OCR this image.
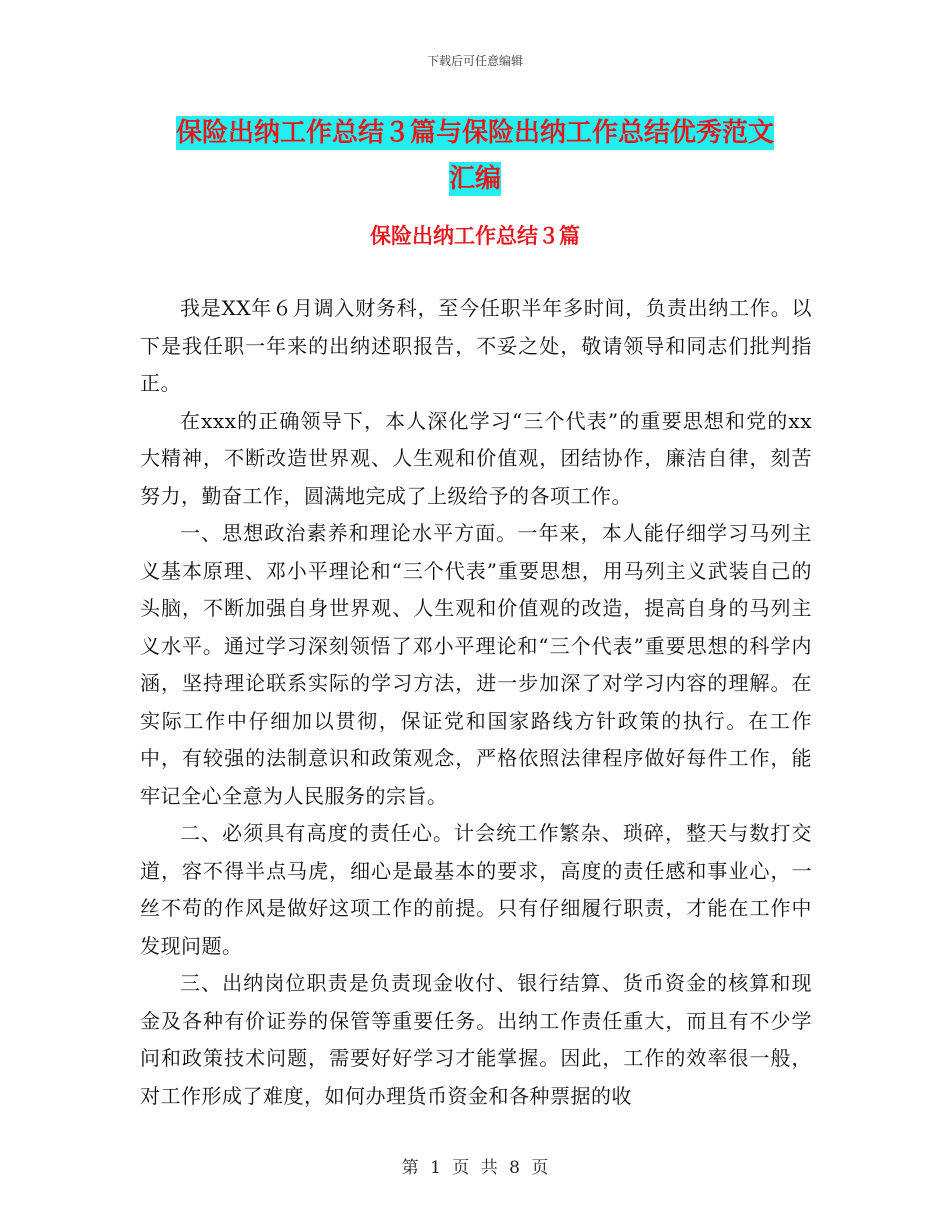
下载后可任意编辑
保险出纳工作总结３篇与保险出纳工作总结优秀范文
汇编
保险出纳工作总结３篇

我是XX年６月调入财务科，至今任职半年多时间，负责出纳工作。以下是我任职一年来的出纳述职报告，不妥之处，敬请领导和同志们批判指正。

在xxx的正确领导下，本人深化学习“三个代表”的重要思想和党的xx大精神，不断改造世界观、人生观和价值观，团结协作，廉洁自律，刻苦努力，勤奋工作，圆满地完成了上级给予的各项工作。

一、思想政治素养和理论水平方面。一年来，本人能仔细学习马列主义基本原理、邓小平理论和“三个代表”重要思想，用马列主义武装自己的头脑，不断加强自身世界观、人生观和价值观的改造，提高自身的马列主义水平。通过学习深刻领悟了邓小平理论和“三个代表”重要思想的科学内涵，坚持理论联系实际的学习方法，进一步加深了对学习内容的理解。在实际工作中仔细加以贯彻，保证党和国家路线方针政策的执行。在工作中，有较强的法制意识和政策观念，严格依照法律程序做好每件工作，能牢记全心全意为人民服务的宗旨。

二、必须具有高度的责任心。计会统工作繁杂、琐碎，整天与数打交道，容不得半点马虎，细心是最基本的要求，高度的责任感和事业心，一丝不苟的作风是做好这项工作的前提。只有仔细履行职责，才能在工作中发现问题。

三、出纳岗位职责是负责现金收付、银行结算、货币资金的核算和现金及各种有价证券的保管等重要任务。出纳工作责任重大，而且有不少学问和政策技术问题，需要好好学习才能掌握。因此，工作的效率很一般，对工作形成了难度，如何办理货币资金和各种票据的收

第 1 页 共 8 页
